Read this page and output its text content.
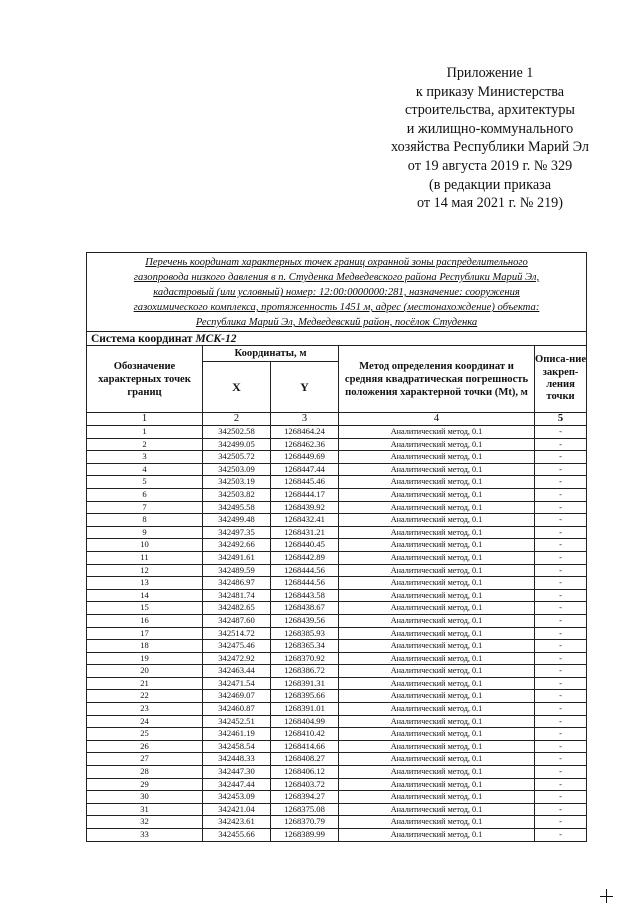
Приложение 1
к приказу Министерства
строительства, архитектуры
и жилищно-коммунального
хозяйства Республики Марий Эл
от 19 августа 2019 г. № 329
(в редакции приказа
от 14 мая 2021 г. № 219)
Перечень координат характерных точек границ охранной зоны распределительного
газопровода низкого давления в п. Студенка Медведевского района Республики Марий Эл,
кадастровый (или условный) номер: 12:00:0000000:281, назначение: сооружения
газохимического комплекса, протяженность 1451 м, адрес (местонахождение) объекта:
Республика Марий Эл, Медведевский район, посёлок Студенка				

Система координат МСК-12				
Обозначение характерных точек границ	Координаты, м		Метод определения координат и средняя квадратическая погрешность положения характерной точки (Mt), м	Описа-ние закреп-ления точки
	X	Y		
1	2	3	4	5
1	342502.58	1268464.24	Аналитический метод, 0.1	-
2	342499.05	1268462.36	Аналитический метод, 0.1	-
3	342505.72	1268449.69	Аналитический метод, 0.1	-
4	342503.09	1268447.44	Аналитический метод, 0.1	-
5	342503.19	1268445.46	Аналитический метод, 0.1	-
6	342503.82	1268444.17	Аналитический метод, 0.1	-
7	342495.58	1268439.92	Аналитический метод, 0.1	-
8	342499.48	1268432.41	Аналитический метод, 0.1	-
9	342497.35	1268431.21	Аналитический метод, 0.1	-
10	342492.66	1268440.45	Аналитический метод, 0.1	-
11	342491.61	1268442.89	Аналитический метод, 0.1	-
12	342489.59	1268444.56	Аналитический метод, 0.1	-
13	342486.97	1268444.56	Аналитический метод, 0.1	-
14	342481.74	1268443.58	Аналитический метод, 0.1	-
15	342482.65	1268438.67	Аналитический метод, 0.1	-
16	342487.60	1268439.56	Аналитический метод, 0.1	-
17	342514.72	1268385.93	Аналитический метод, 0.1	-
18	342475.46	1268365.34	Аналитический метод, 0.1	-
19	342472.92	1268370.92	Аналитический метод, 0.1	-
20	342463.44	1268386.72	Аналитический метод, 0.1	-
21	342471.54	1268391.31	Аналитический метод, 0.1	-
22	342469.07	1268395.66	Аналитический метод, 0.1	-
23	342460.87	1268391.01	Аналитический метод, 0.1	-
24	342452.51	1268404.99	Аналитический метод, 0.1	-
25	342461.19	1268410.42	Аналитический метод, 0.1	-
26	342458.54	1268414.66	Аналитический метод, 0.1	-
27	342448.33	1268408.27	Аналитический метод, 0.1	-
28	342447.30	1268406.12	Аналитический метод, 0.1	-
29	342447.44	1268403.72	Аналитический метод, 0.1	-
30	342453.09	1268394.27	Аналитический метод, 0.1	-
31	342421.04	1268375.08	Аналитический метод, 0.1	-
32	342423.61	1268370.79	Аналитический метод, 0.1	-
33	342455.66	1268389.99	Аналитический метод, 0.1	-
